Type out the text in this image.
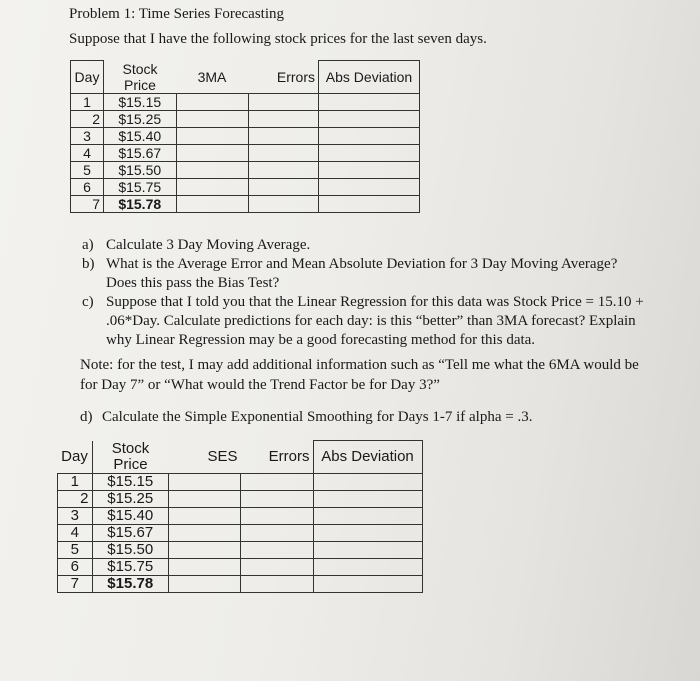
Problem 1: Time Series Forecasting
Suppose that I have the following stock prices for the last seven days.
Day	Stock Price	3MA	Errors	Abs Deviation
1	$15.15			
2	$15.25			
3	$15.40			
4	$15.67			
5	$15.50			
6	$15.75			
7	$15.78			
a) Calculate 3 Day Moving Average.
b) What is the Average Error and Mean Absolute Deviation for 3 Day Moving Average?
Does this pass the Bias Test?
c) Suppose that I told you that the Linear Regression for this data was Stock Price = 15.10 +
.06*Day. Calculate predictions for each day: is this “better” than 3MA forecast? Explain
why Linear Regression may be a good forecasting method for this data.
Note: for the test, I may add additional information such as “Tell me what the 6MA would be
for Day 7” or “What would the Trend Factor be for Day 3?”
d) Calculate the Simple Exponential Smoothing for Days 1-7 if alpha = .3.
Day	Stock Price	SES	Errors	Abs Deviation
1	$15.15			
2	$15.25			
3	$15.40			
4	$15.67			
5	$15.50			
6	$15.75			
7	$15.78			
